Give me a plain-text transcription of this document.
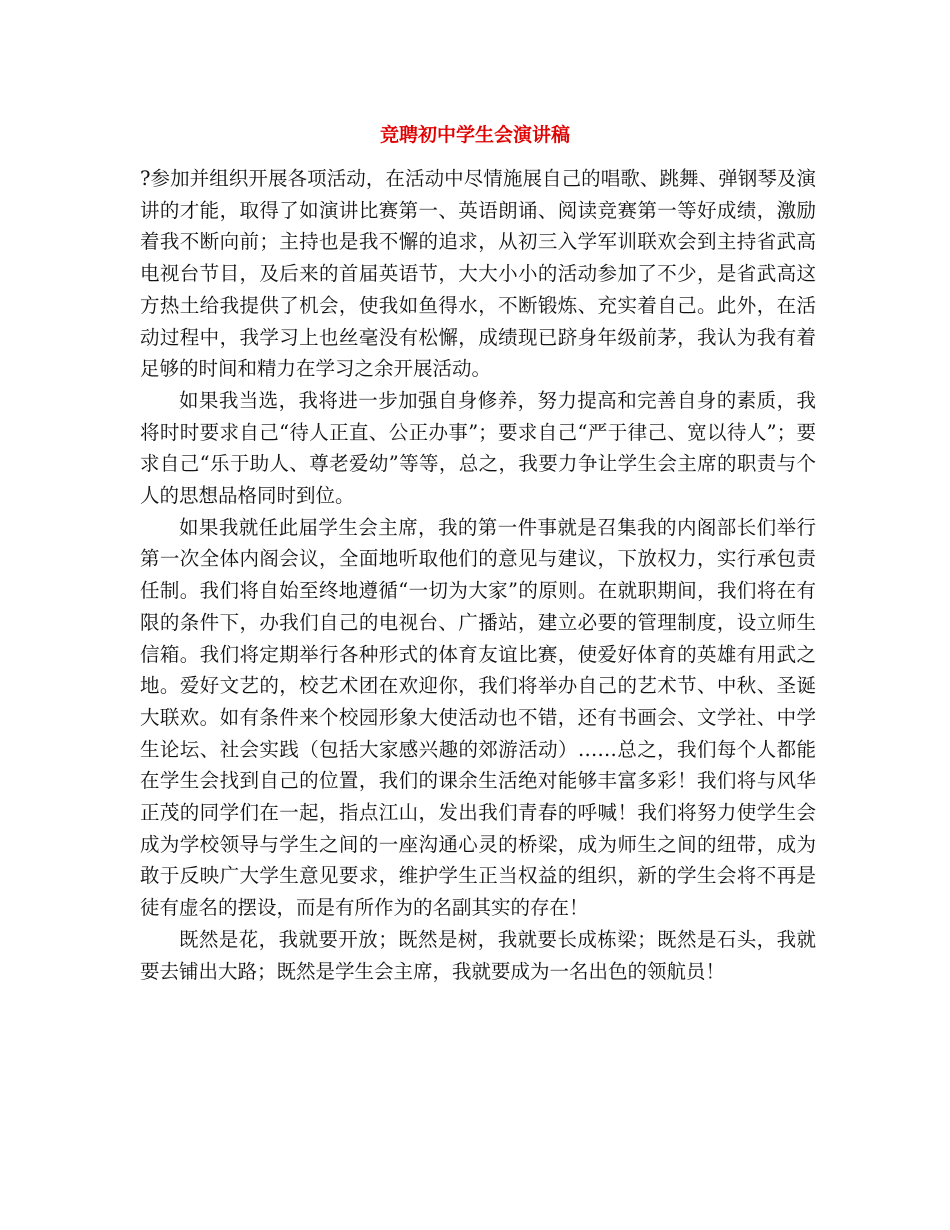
竞聘初中学生会演讲稿

?参加并组织开展各项活动，在活动中尽情施展自己的唱歌、跳舞、弹钢琴及演讲的才能，取得了如演讲比赛第一、英语朗诵、阅读竞赛第一等好成绩，激励着我不断向前；主持也是我不懈的追求，从初三入学军训联欢会到主持省武高电视台节目，及后来的首届英语节，大大小小的活动参加了不少，是省武高这方热土给我提供了机会，使我如鱼得水，不断锻炼、充实着自己。此外，在活动过程中，我学习上也丝毫没有松懈，成绩现已跻身年级前茅，我认为我有着足够的时间和精力在学习之余开展活动。

如果我当选，我将进一步加强自身修养，努力提高和完善自身的素质，我将时时要求自己“待人正直、公正办事”；要求自己“严于律己、宽以待人”；要求自己“乐于助人、尊老爱幼”等等，总之，我要力争让学生会主席的职责与个人的思想品格同时到位。

如果我就任此届学生会主席，我的第一件事就是召集我的内阁部长们举行第一次全体内阁会议，全面地听取他们的意见与建议，下放权力，实行承包责任制。我们将自始至终地遵循“一切为大家”的原则。在就职期间，我们将在有限的条件下，办我们自己的电视台、广播站，建立必要的管理制度，设立师生信箱。我们将定期举行各种形式的体育友谊比赛，使爱好体育的英雄有用武之地。爱好文艺的，校艺术团在欢迎你，我们将举办自己的艺术节、中秋、圣诞大联欢。如有条件来个校园形象大使活动也不错，还有书画会、文学社、中学生论坛、社会实践（包括大家感兴趣的郊游活动）……总之，我们每个人都能在学生会找到自己的位置，我们的课余生活绝对能够丰富多彩！我们将与风华正茂的同学们在一起，指点江山，发出我们青春的呼喊！我们将努力使学生会成为学校领导与学生之间的一座沟通心灵的桥梁，成为师生之间的纽带，成为敢于反映广大学生意见要求，维护学生正当权益的组织，新的学生会将不再是徒有虚名的摆设，而是有所作为的名副其实的存在！

既然是花，我就要开放；既然是树，我就要长成栋梁；既然是石头，我就要去铺出大路；既然是学生会主席，我就要成为一名出色的领航员！
